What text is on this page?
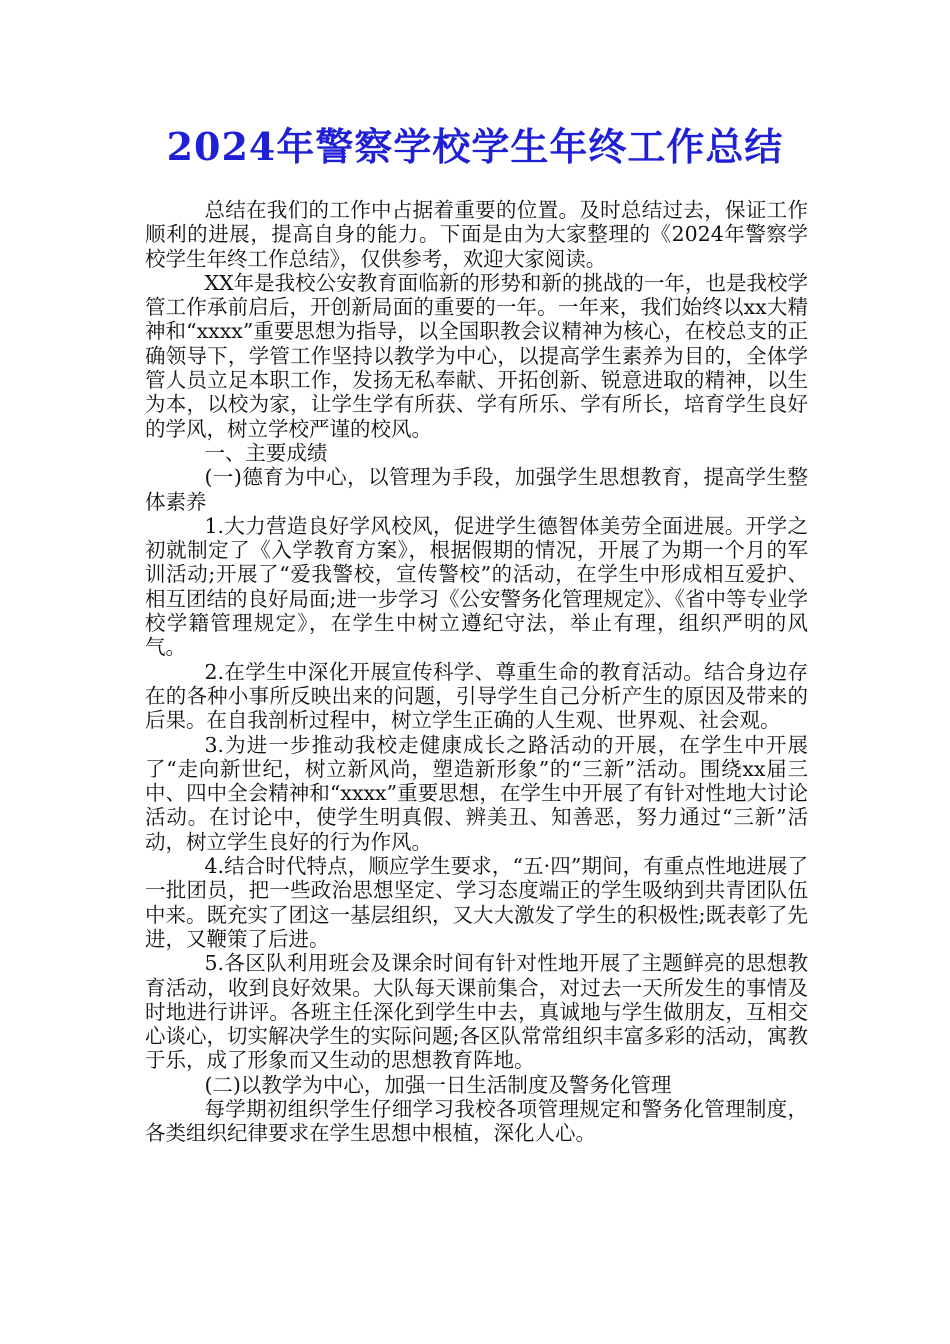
2024年警察学校学生年终工作总结

总结在我们的工作中占据着重要的位置。及时总结过去，保证工作顺利的进展，提高自身的能力。下面是由为大家整理的《2024年警察学校学生年终工作总结》，仅供参考，欢迎大家阅读。

XX年是我校公安教育面临新的形势和新的挑战的一年，也是我校学管工作承前启后，开创新局面的重要的一年。一年来，我们始终以xx大精神和“xxxx”重要思想为指导，以全国职教会议精神为核心，在校总支的正确领导下，学管工作坚持以教学为中心，以提高学生素养为目的，全体学管人员立足本职工作，发扬无私奉献、开拓创新、锐意进取的精神，以生为本，以校为家，让学生学有所获、学有所乐、学有所长，培育学生良好的学风，树立学校严谨的校风。

一、主要成绩

(一)德育为中心，以管理为手段，加强学生思想教育，提高学生整体素养

1.大力营造良好学风校风，促进学生德智体美劳全面进展。开学之初就制定了《入学教育方案》，根据假期的情况，开展了为期一个月的军训活动;开展了“爱我警校，宣传警校”的活动，在学生中形成相互爱护、相互团结的良好局面;进一步学习《公安警务化管理规定》、《省中等专业学校学籍管理规定》，在学生中树立遵纪守法，举止有理，组织严明的风气。

2.在学生中深化开展宣传科学、尊重生命的教育活动。结合身边存在的各种小事所反映出来的问题，引导学生自己分析产生的原因及带来的后果。在自我剖析过程中，树立学生正确的人生观、世界观、社会观。

3.为进一步推动我校走健康成长之路活动的开展，在学生中开展了“走向新世纪，树立新风尚，塑造新形象”的“三新”活动。围绕xx届三中、四中全会精神和“xxxx”重要思想，在学生中开展了有针对性地大讨论活动。在讨论中，使学生明真假、辨美丑、知善恶，努力通过“三新”活动，树立学生良好的行为作风。

4.结合时代特点，顺应学生要求，“五·四”期间，有重点性地进展了一批团员，把一些政治思想坚定、学习态度端正的学生吸纳到共青团队伍中来。既充实了团这一基层组织，又大大激发了学生的积极性;既表彰了先进，又鞭策了后进。

5.各区队利用班会及课余时间有针对性地开展了主题鲜亮的思想教育活动，收到良好效果。大队每天课前集合，对过去一天所发生的事情及时地进行讲评。各班主任深化到学生中去，真诚地与学生做朋友，互相交心谈心，切实解决学生的实际问题;各区队常常组织丰富多彩的活动，寓教于乐，成了形象而又生动的思想教育阵地。

(二)以教学为中心，加强一日生活制度及警务化管理

每学期初组织学生仔细学习我校各项管理规定和警务化管理制度，各类组织纪律要求在学生思想中根植，深化人心。
